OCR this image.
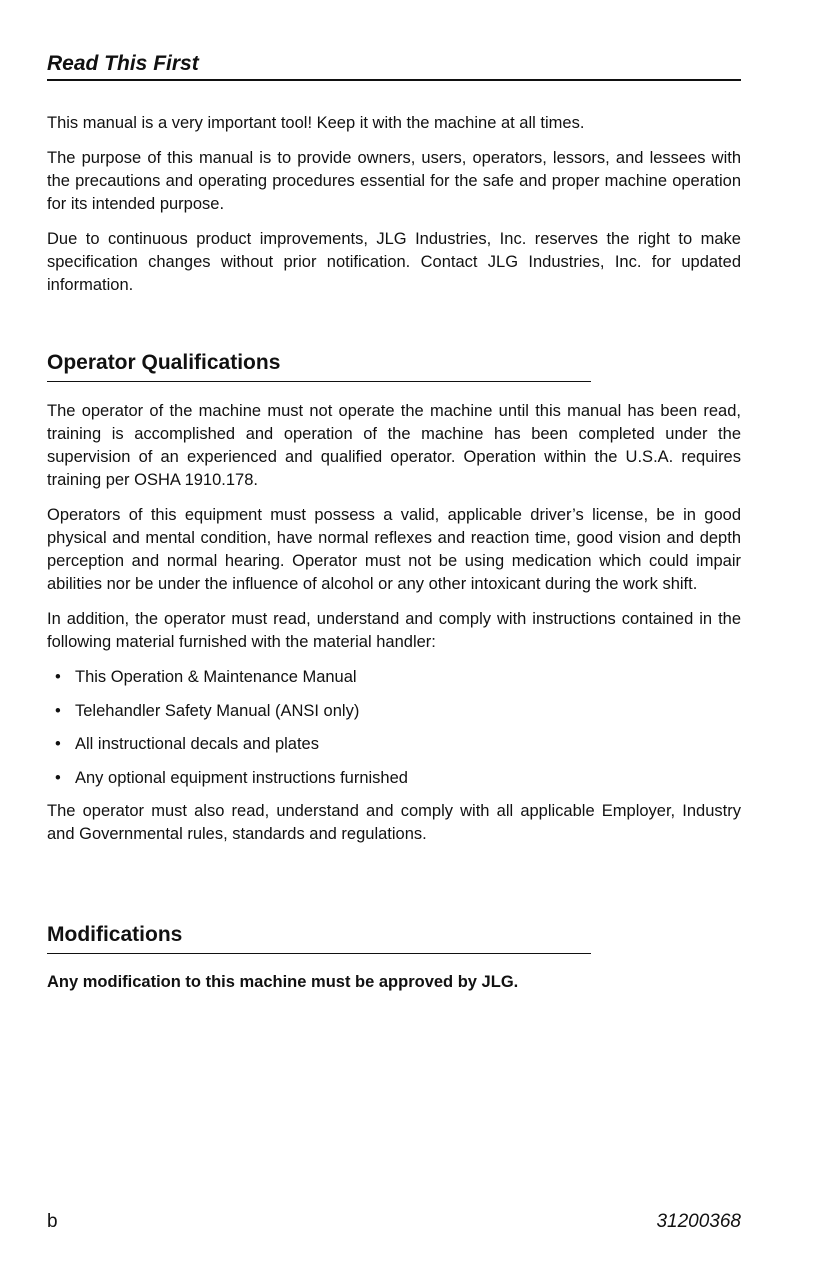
Read This First

This manual is a very important tool! Keep it with the machine at all times.

The purpose of this manual is to provide owners, users, operators, lessors, and lessees with the precautions and operating procedures essential for the safe and proper machine operation for its intended purpose.

Due to continuous product improvements, JLG Industries, Inc. reserves the right to make specification changes without prior notification. Contact JLG Industries, Inc. for updated information.

Operator Qualifications

The operator of the machine must not operate the machine until this manual has been read, training is accomplished and operation of the machine has been completed under the supervision of an experienced and qualified operator. Operation within the U.S.A. requires training per OSHA 1910.178.

Operators of this equipment must possess a valid, applicable driver’s license, be in good physical and mental condition, have normal reflexes and reaction time, good vision and depth perception and normal hearing. Operator must not be using medication which could impair abilities nor be under the influence of alcohol or any other intoxicant during the work shift.

In addition, the operator must read, understand and comply with instructions contained in the following material furnished with the material handler:

• This Operation & Maintenance Manual
• Telehandler Safety Manual (ANSI only)
• All instructional decals and plates
• Any optional equipment instructions furnished

The operator must also read, understand and comply with all applicable Employer, Industry and Governmental rules, standards and regulations.

Modifications
Any modification to this machine must be approved by JLG.
b	31200368
